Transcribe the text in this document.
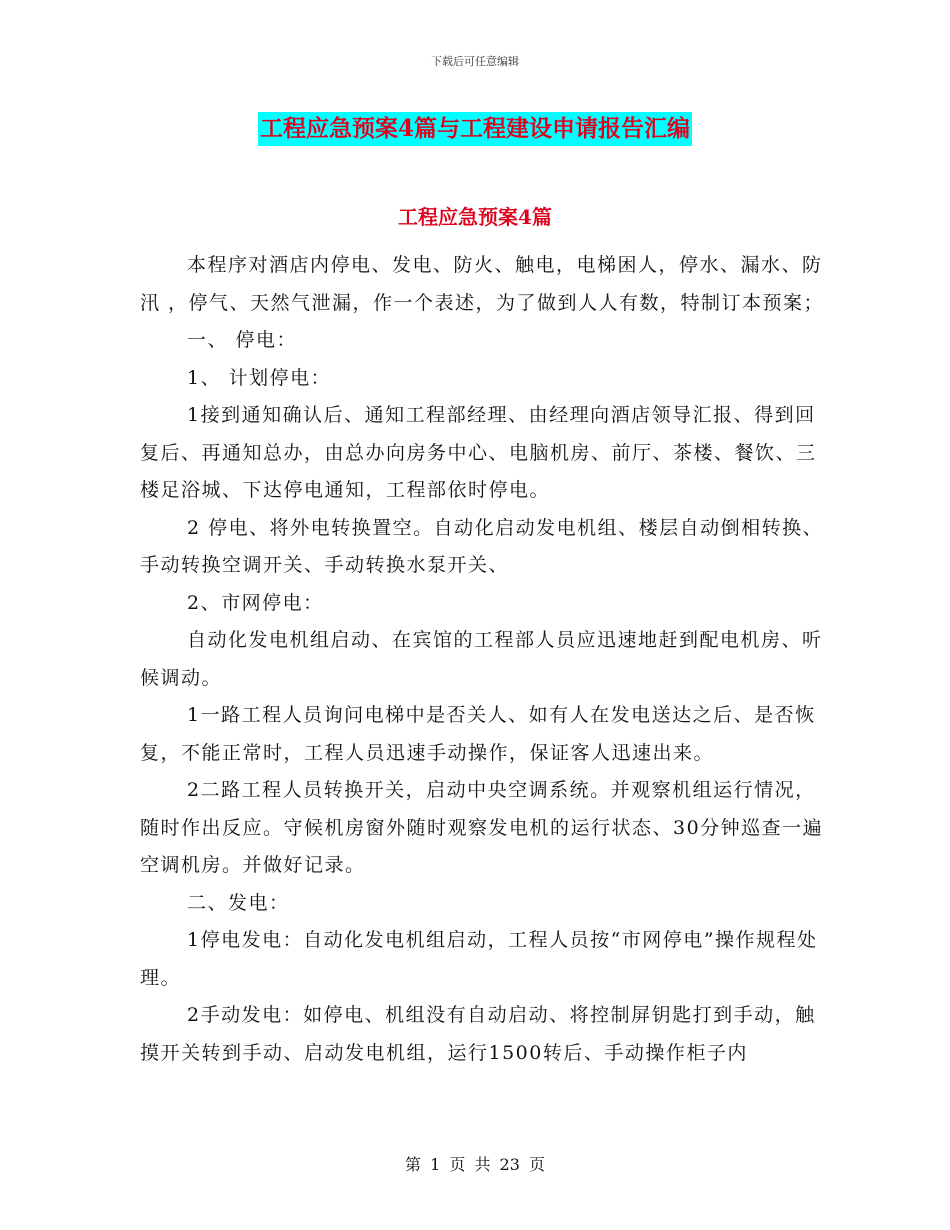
下载后可任意编辑
工程应急预案4篇与工程建设申请报告汇编
工程应急预案4篇

本程序对酒店内停电、发电、防火、触电，电梯困人，停水、漏水、防汛 ，停气、天然气泄漏，作一个表述，为了做到人人有数，特制订本预案；

一、 停电：

1、 计划停电：

1接到通知确认后、通知工程部经理、由经理向酒店领导汇报、得到回复后、再通知总办，由总办向房务中心、电脑机房、前厅、茶楼、餐饮、三楼足浴城、下达停电通知，工程部依时停电。

2 停电、将外电转换置空。自动化启动发电机组、楼层自动倒相转换、手动转换空调开关、手动转换水泵开关、

2、市网停电：

自动化发电机组启动、在宾馆的工程部人员应迅速地赶到配电机房、听候调动。

1一路工程人员询问电梯中是否关人、如有人在发电送达之后、是否恢复，不能正常时，工程人员迅速手动操作，保证客人迅速出来。

2二路工程人员转换开关，启动中央空调系统。并观察机组运行情况，随时作出反应。守候机房窗外随时观察发电机的运行状态、30分钟巡查一遍空调机房。并做好记录。

二、发电：

1停电发电：自动化发电机组启动，工程人员按“市网停电”操作规程处理。

2手动发电：如停电、机组没有自动启动、将控制屏钥匙打到手动，触摸开关转到手动、启动发电机组，运行1500转后、手动操作柜子内

第 1 页 共 23 页
